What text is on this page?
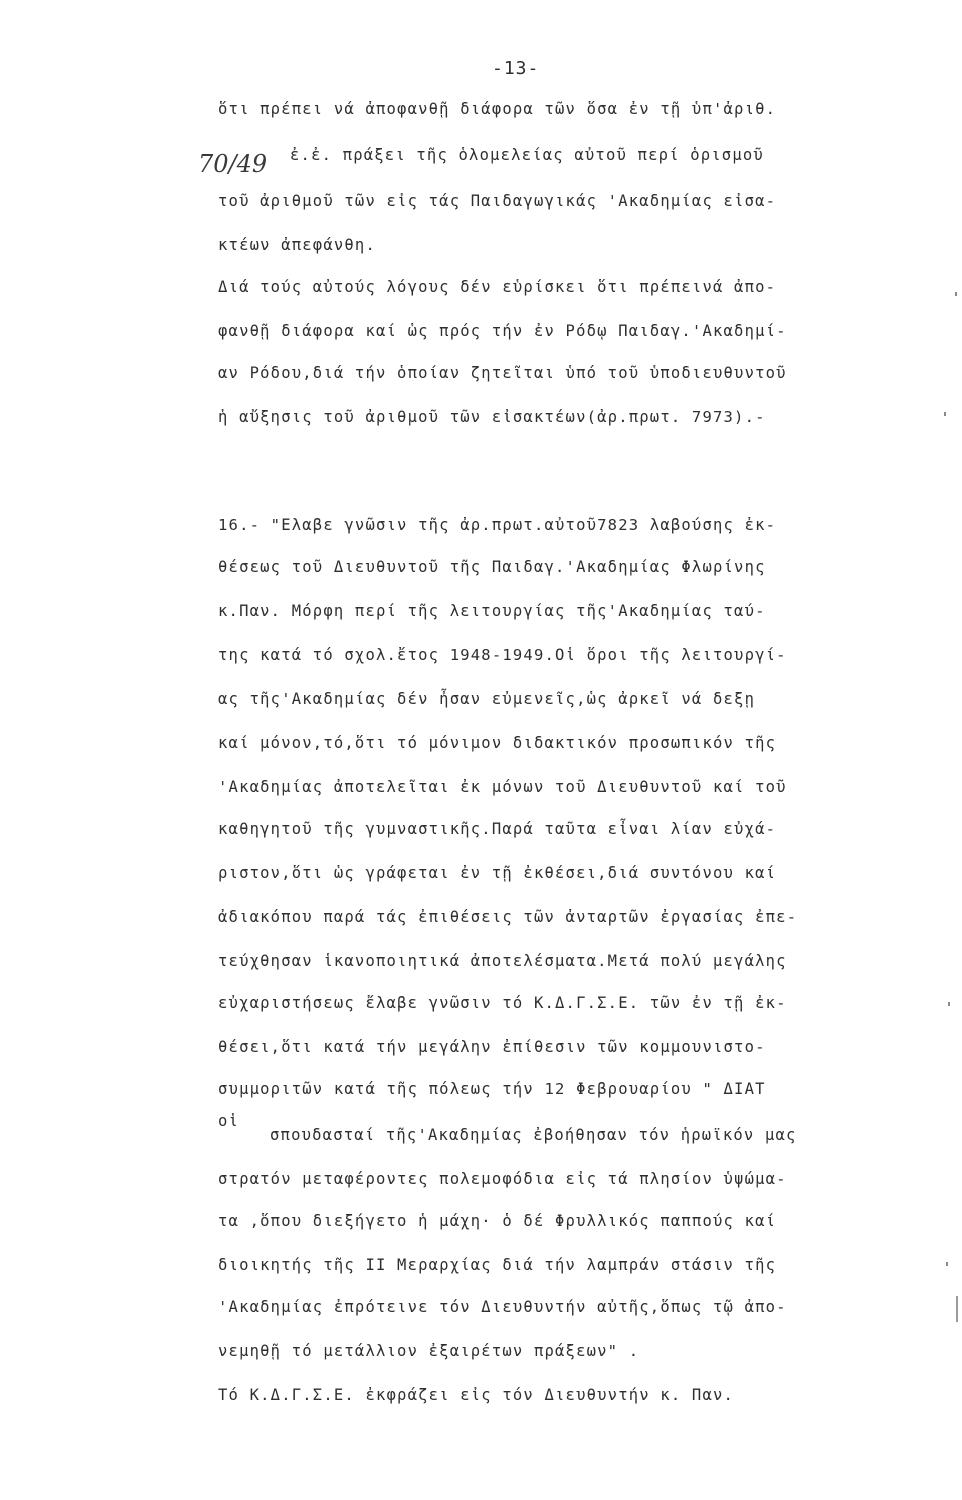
-13-
70/49
ὅτι πρέπει νά ἀποφανθῇ διάφορα τῶν ὅσα ἐν τῇ ὑπ'ἀριθ.
ἐ.ἐ. πράξει τῆς ὁλομελείας αὐτοῦ περί ὁρισμοῦ
τοῦ ἀριθμοῦ τῶν εἰς τάς Παιδαγωγικάς 'Ακαδημίας εἰσα-
κτέων ἀπεφάνθη.
Διά τούς αὐτούς λόγους δέν εὑρίσκει ὅτι πρέπεινά ἀπο-
φανθῇ διάφορα καί ὡς πρός τήν ἐν Ρόδῳ Παιδαγ.'Ακαδημί-
αν Ρόδου,διά τήν ὁποίαν ζητεῖται ὑπό τοῦ ὑποδιευθυντοῦ
ἡ αὔξησις τοῦ ἀριθμοῦ τῶν εἰσακτέων(ἀρ.πρωτ. 7973).-
16.- "Ελαβε γνῶσιν τῆς ἀρ.πρωτ.αὐτοῦ7823 λαβούσης ἐκ-
θέσεως τοῦ Διευθυντοῦ τῆς Παιδαγ.'Ακαδημίας Φλωρίνης
κ.Παν. Μόρφη περί τῆς λειτουργίας τῆς'Ακαδημίας ταύ-
της κατά τό σχολ.ἔτος 1948-1949.Οἱ ὅροι τῆς λειτουργί-
ας τῆς'Ακαδημίας δέν ἦσαν εὐμενεῖς,ὡς ἀρκεῖ νά δεξῃ
καί μόνον,τό,ὅτι τό μόνιμον διδακτικόν προσωπικόν τῆς
'Ακαδημίας ἀποτελεῖται ἐκ μόνων τοῦ Διευθυντοῦ καί τοῦ
καθηγητοῦ τῆς γυμναστικῆς.Παρά ταῦτα εἶναι λίαν εὐχά-
ριστον,ὅτι ὡς γράφεται ἐν τῇ ἐκθέσει,διά συντόνου καί
ἀδιακόπου παρά τάς ἐπιθέσεις τῶν ἀνταρτῶν ἐργασίας ἐπε-
τεύχθησαν ἱκανοποιητικά ἀποτελέσματα.Μετά πολύ μεγάλης
εὐχαριστήσεως ἔλαβε γνῶσιν τό Κ.Δ.Γ.Σ.Ε. τῶν ἐν τῇ ἐκ-
θέσει,ὅτι κατά τήν μεγάλην ἐπίθεσιν τῶν κομμουνιστο-
συμμοριτῶν κατά τῆς πόλεως τήν 12 Φεβρουαρίου " ΔΙΑΤ
οἱ
σπουδασταί τῆς'Ακαδημίας ἐβοήθησαν τόν ἡρωϊκόν μας
στρατόν μεταφέροντες πολεμοφόδια εἰς τά πλησίον ὑψώμα-
τα ,ὅπου διεξήγετο ἡ μάχη· ὁ δέ Φρυλλικός παππούς καί
διοικητής τῆς ΙΙ Μεραρχίας διά τήν λαμπράν στάσιν τῆς
'Ακαδημίας ἐπρότεινε τόν Διευθυντήν αὐτῆς,ὅπως τῷ ἀπο-
νεμηθῇ τό μετάλλιον ἐξαιρέτων πράξεων" .
Τό Κ.Δ.Γ.Σ.Ε. ἐκφράζει εἰς τόν Διευθυντήν κ. Παν.
